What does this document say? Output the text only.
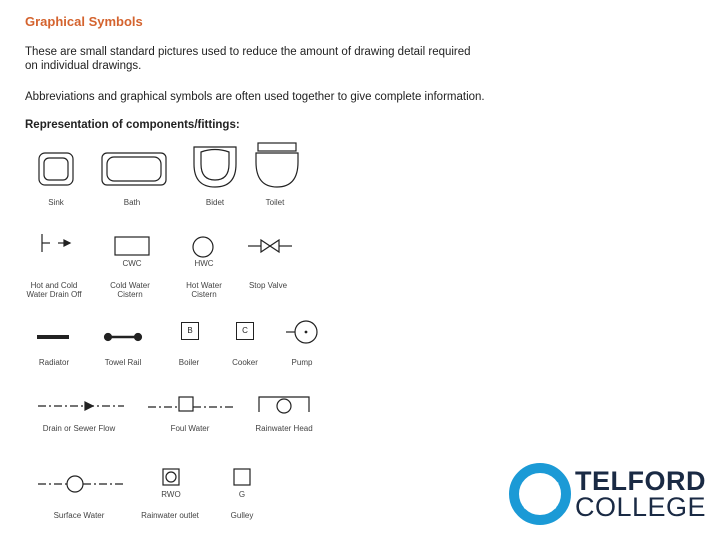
Graphical Symbols
These are small standard pictures used to reduce the amount of drawing detail required on individual drawings.
Abbreviations and graphical symbols are often used together to give complete information.
Representation of components/fittings:
Sink	Bath	Bidet	Toilet
Hot and Cold
Water Drain Off
CWC
Cold Water
Cistern
HWC
Hot Water
Cistern
Stop Valve
Radiator	Towel Rail
B
Boiler
C
Cooker	Pump
Drain or Sewer Flow	Foul Water	Rainwater Head
Surface Water
RWO
Rainwater outlet
G
Gulley
TELFORD
COLLEGE
